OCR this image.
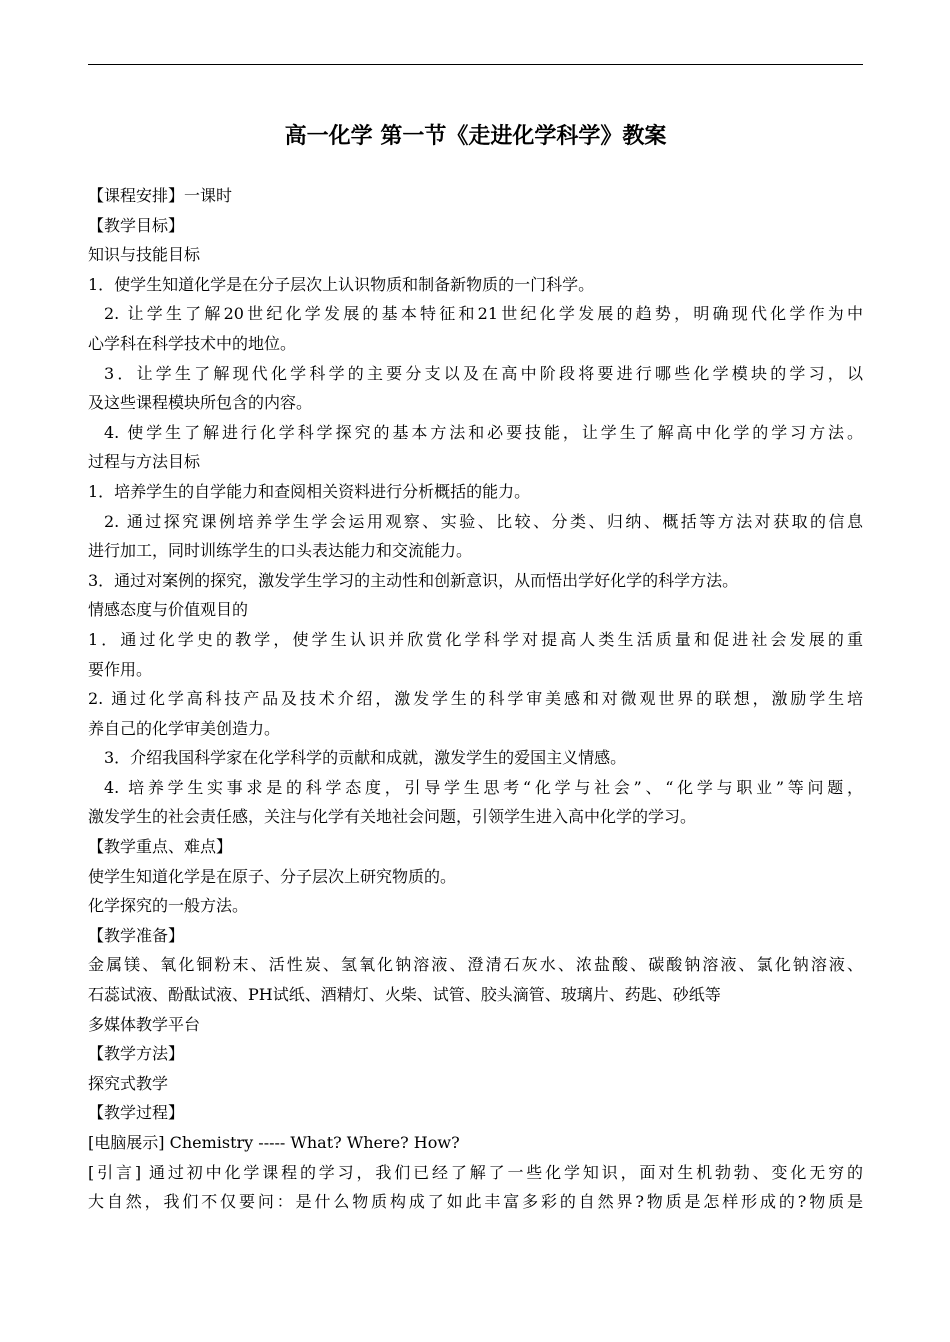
高一化学 第一节《走进化学科学》教案
【课程安排】一课时
【教学目标】
知识与技能目标
1．使学生知道化学是在分子层次上认识物质和制备新物质的一门科学。
2. 让学生了解20世纪化学发展的基本特征和21世纪化学发展的趋势，明确现代化学作为中
心学科在科学技术中的地位。
3．让学生了解现代化学科学的主要分支以及在高中阶段将要进行哪些化学模块的学习，以
及这些课程模块所包含的内容。
4. 使学生了解进行化学科学探究的基本方法和必要技能，让学生了解高中化学的学习方法。
过程与方法目标
1．培养学生的自学能力和查阅相关资料进行分析概括的能力。
2. 通过探究课例培养学生学会运用观察、实验、比较、分类、归纳、概括等方法对获取的信息
进行加工，同时训练学生的口头表达能力和交流能力。
3．通过对案例的探究，激发学生学习的主动性和创新意识，从而悟出学好化学的科学方法。
情感态度与价值观目的
1．通过化学史的教学，使学生认识并欣赏化学科学对提高人类生活质量和促进社会发展的重
要作用。
2. 通过化学高科技产品及技术介绍，激发学生的科学审美感和对微观世界的联想，激励学生培
养自己的化学审美创造力。
3．介绍我国科学家在化学科学的贡献和成就，激发学生的爱国主义情感。
4. 培养学生实事求是的科学态度，引导学生思考“化学与社会”、“化学与职业”等问题，
激发学生的社会责任感，关注与化学有关地社会问题，引领学生进入高中化学的学习。
【教学重点、难点】
使学生知道化学是在原子、分子层次上研究物质的。
化学探究的一般方法。
【教学准备】
金属镁、氧化铜粉末、活性炭、氢氧化钠溶液、澄清石灰水、浓盐酸、碳酸钠溶液、氯化钠溶液、
石蕊试液、酚酞试液、PH试纸、酒精灯、火柴、试管、胶头滴管、玻璃片、药匙、砂纸等
多媒体教学平台
【教学方法】
探究式教学
【教学过程】
[电脑展示] Chemistry ----- What? Where? How?
[引言] 通过初中化学课程的学习，我们已经了解了一些化学知识，面对生机勃勃、变化无穷的
大自然，我们不仅要问：是什么物质构成了如此丰富多彩的自然界?物质是怎样形成的?物质是
